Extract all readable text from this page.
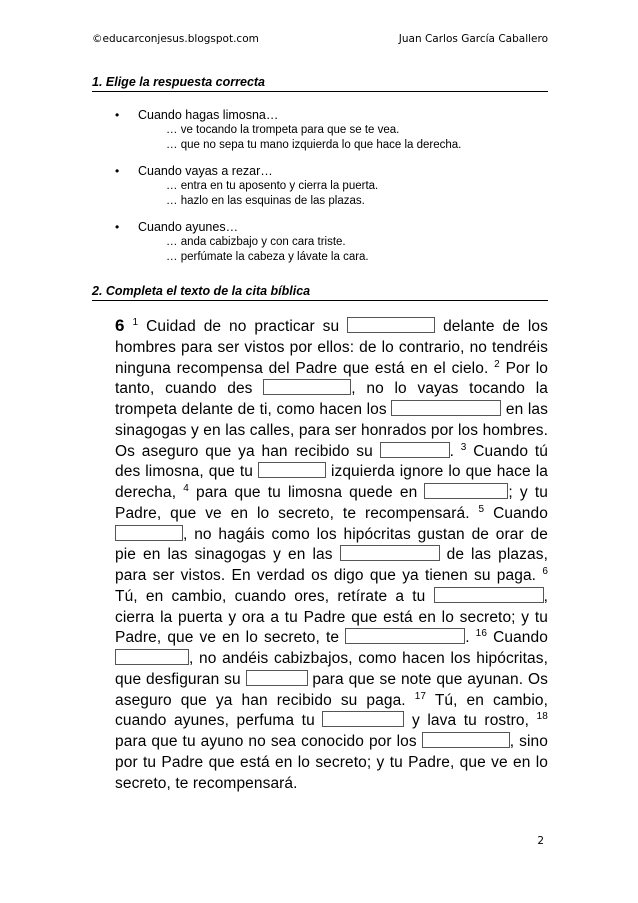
©educarconjesus.blogspot.com	Juan Carlos García Caballero
1. Elige la respuesta correcta
• Cuando hagas limosna…
… ve tocando la trompeta para que se te vea.
… que no sepa tu mano izquierda lo que hace la derecha.
• Cuando vayas a rezar…
… entra en tu aposento y cierra la puerta.
… hazlo en las esquinas de las plazas.
• Cuando ayunes…
… anda cabizbajo y con cara triste.
… perfúmate la cabeza y lávate la cara.
2. Completa el texto de la cita bíblica
6 $^1$ Cuidad de no practicar su	delante de los hombres para ser vistos por ellos: de lo contrario, no tendréis ninguna recompensa del Padre que está en el cielo. $^2$ Por lo tanto, cuando des	, no lo vayas tocando la trompeta delante de ti, como hacen los	en las sinagogas y en las calles, para ser honrados por los hombres. Os aseguro que ya han recibido su	. $^3$ Cuando tú des limosna, que tu	izquierda ignore lo que hace la derecha, $^4$ para que tu limosna quede en	; y tu Padre, que ve en lo secreto, te recompensará. $^5$ Cuando , no hagáis como los hipócritas gustan de orar de pie en las sinagogas y en las	de las plazas, para ser vistos. En verdad os digo que ya tienen su paga. $^6$ Tú, en cambio, cuando ores, retírate a tu	, cierra la puerta y ora a tu Padre que está en lo secreto; y tu Padre, que ve en lo secreto, te	. $^{16}$ Cuando , no andéis cabizbajos, como hacen los hipócritas, que desfiguran su	para que se note que ayunan. Os aseguro que ya han recibido su paga. $^{17}$ Tú, en cambio, cuando ayunes, perfuma tu	y lava tu rostro, $^{18}$ para que tu ayuno no sea conocido por los	, sino por tu Padre que está en lo secreto; y tu Padre, que ve en lo secreto, te recompensará.
2
